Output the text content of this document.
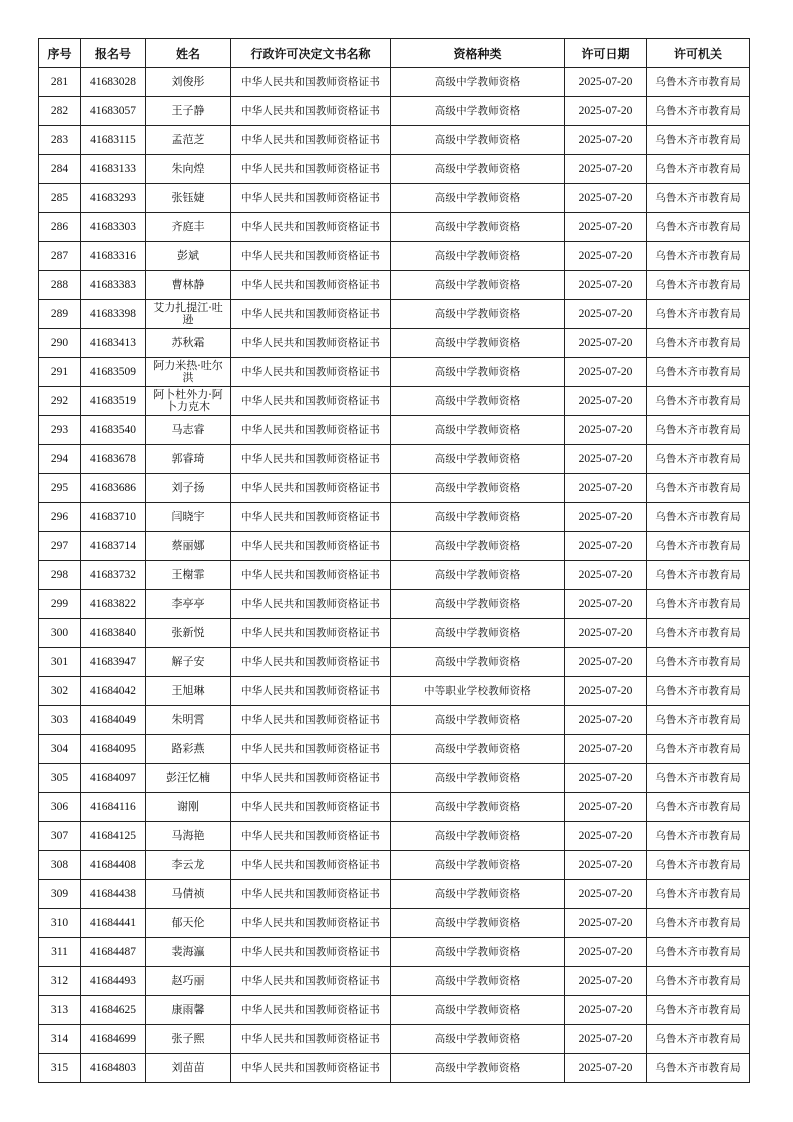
序号	报名号	姓名	行政许可决定文书名称	资格种类	许可日期	许可机关
281	41683028	刘俊彤	中华人民共和国教师资格证书	高级中学教师资格	2025-07-20	乌鲁木齐市教育局
282	41683057	王子静	中华人民共和国教师资格证书	高级中学教师资格	2025-07-20	乌鲁木齐市教育局
283	41683115	孟范芝	中华人民共和国教师资格证书	高级中学教师资格	2025-07-20	乌鲁木齐市教育局
284	41683133	朱向煌	中华人民共和国教师资格证书	高级中学教师资格	2025-07-20	乌鲁木齐市教育局
285	41683293	张钰婕	中华人民共和国教师资格证书	高级中学教师资格	2025-07-20	乌鲁木齐市教育局
286	41683303	齐庭丰	中华人民共和国教师资格证书	高级中学教师资格	2025-07-20	乌鲁木齐市教育局
287	41683316	彭斌	中华人民共和国教师资格证书	高级中学教师资格	2025-07-20	乌鲁木齐市教育局
288	41683383	曹林静	中华人民共和国教师资格证书	高级中学教师资格	2025-07-20	乌鲁木齐市教育局
289	41683398	艾力扎提江·吐逊	中华人民共和国教师资格证书	高级中学教师资格	2025-07-20	乌鲁木齐市教育局
290	41683413	苏秋霜	中华人民共和国教师资格证书	高级中学教师资格	2025-07-20	乌鲁木齐市教育局
291	41683509	阿力米热·吐尔洪	中华人民共和国教师资格证书	高级中学教师资格	2025-07-20	乌鲁木齐市教育局
292	41683519	阿卜杜外力·阿卜力克木	中华人民共和国教师资格证书	高级中学教师资格	2025-07-20	乌鲁木齐市教育局
293	41683540	马志睿	中华人民共和国教师资格证书	高级中学教师资格	2025-07-20	乌鲁木齐市教育局
294	41683678	郭睿琦	中华人民共和国教师资格证书	高级中学教师资格	2025-07-20	乌鲁木齐市教育局
295	41683686	刘子扬	中华人民共和国教师资格证书	高级中学教师资格	2025-07-20	乌鲁木齐市教育局
296	41683710	闫晓宇	中华人民共和国教师资格证书	高级中学教师资格	2025-07-20	乌鲁木齐市教育局
297	41683714	蔡丽娜	中华人民共和国教师资格证书	高级中学教师资格	2025-07-20	乌鲁木齐市教育局
298	41683732	王榭霏	中华人民共和国教师资格证书	高级中学教师资格	2025-07-20	乌鲁木齐市教育局
299	41683822	李亭亭	中华人民共和国教师资格证书	高级中学教师资格	2025-07-20	乌鲁木齐市教育局
300	41683840	张新悦	中华人民共和国教师资格证书	高级中学教师资格	2025-07-20	乌鲁木齐市教育局
301	41683947	解子安	中华人民共和国教师资格证书	高级中学教师资格	2025-07-20	乌鲁木齐市教育局
302	41684042	王旭琳	中华人民共和国教师资格证书	中等职业学校教师资格	2025-07-20	乌鲁木齐市教育局
303	41684049	朱明霄	中华人民共和国教师资格证书	高级中学教师资格	2025-07-20	乌鲁木齐市教育局
304	41684095	路彩燕	中华人民共和国教师资格证书	高级中学教师资格	2025-07-20	乌鲁木齐市教育局
305	41684097	彭汪忆楠	中华人民共和国教师资格证书	高级中学教师资格	2025-07-20	乌鲁木齐市教育局
306	41684116	谢刚	中华人民共和国教师资格证书	高级中学教师资格	2025-07-20	乌鲁木齐市教育局
307	41684125	马海艳	中华人民共和国教师资格证书	高级中学教师资格	2025-07-20	乌鲁木齐市教育局
308	41684408	李云龙	中华人民共和国教师资格证书	高级中学教师资格	2025-07-20	乌鲁木齐市教育局
309	41684438	马倩祯	中华人民共和国教师资格证书	高级中学教师资格	2025-07-20	乌鲁木齐市教育局
310	41684441	郁天伦	中华人民共和国教师资格证书	高级中学教师资格	2025-07-20	乌鲁木齐市教育局
311	41684487	裴海瀛	中华人民共和国教师资格证书	高级中学教师资格	2025-07-20	乌鲁木齐市教育局
312	41684493	赵巧丽	中华人民共和国教师资格证书	高级中学教师资格	2025-07-20	乌鲁木齐市教育局
313	41684625	康雨馨	中华人民共和国教师资格证书	高级中学教师资格	2025-07-20	乌鲁木齐市教育局
314	41684699	张子熙	中华人民共和国教师资格证书	高级中学教师资格	2025-07-20	乌鲁木齐市教育局
315	41684803	刘苗苗	中华人民共和国教师资格证书	高级中学教师资格	2025-07-20	乌鲁木齐市教育局
